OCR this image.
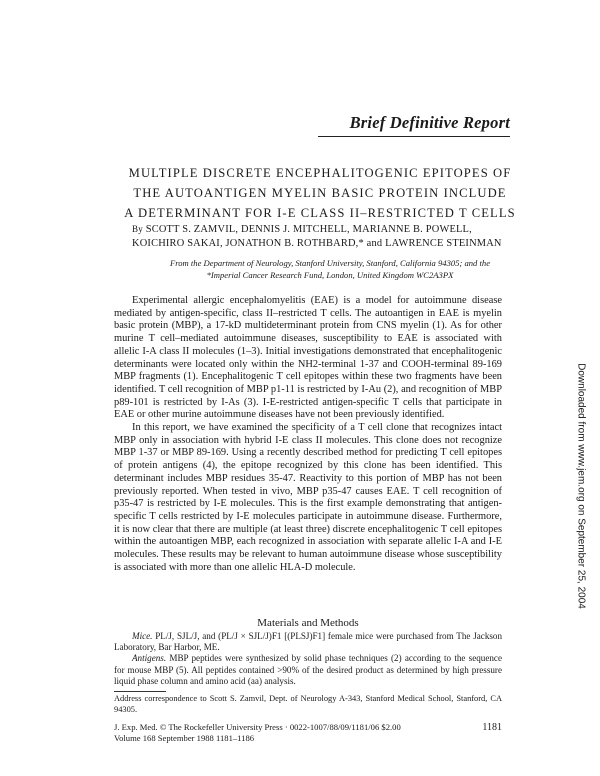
Brief Definitive Report
MULTIPLE DISCRETE ENCEPHALITOGENIC EPITOPES OF
THE AUTOANTIGEN MYELIN BASIC PROTEIN INCLUDE
A DETERMINANT FOR I-E CLASS II–RESTRICTED T CELLS
By SCOTT S. ZAMVIL, DENNIS J. MITCHELL, MARIANNE B. POWELL,
KOICHIRO SAKAI, JONATHON B. ROTHBARD,* and LAWRENCE STEINMAN
From the Department of Neurology, Stanford University, Stanford, California 94305; and the
*Imperial Cancer Research Fund, London, United Kingdom WC2A3PX

Experimental allergic encephalomyelitis (EAE) is a model for autoimmune disease mediated by antigen-specific, class II–restricted T cells. The autoantigen in EAE is myelin basic protein (MBP), a 17-kD multideterminant protein from CNS myelin (1). As for other murine T cell–mediated autoimmune diseases, susceptibility to EAE is associated with allelic I-A class II molecules (1–3). Initial investigations demonstrated that encephalitogenic determinants were located only within the NH2-terminal 1-37 and COOH-terminal 89-169 MBP fragments (1). Encephalitogenic T cell epitopes within these two fragments have been identified. T cell recognition of MBP p1-11 is restricted by I-Au (2), and recognition of MBP p89-101 is restricted by I-As (3). I-E-restricted antigen-specific T cells that participate in EAE or other murine autoimmune diseases have not been previously identified.

In this report, we have examined the specificity of a T cell clone that recognizes intact MBP only in association with hybrid I-E class II molecules. This clone does not recognize MBP 1-37 or MBP 89-169. Using a recently described method for predicting T cell epitopes of protein antigens (4), the epitope recognized by this clone has been identified. This determinant includes MBP residues 35-47. Reactivity to this portion of MBP has not been previously reported. When tested in vivo, MBP p35-47 causes EAE. T cell recognition of p35-47 is restricted by I-E molecules. This is the first example demonstrating that antigen-specific T cells restricted by I-E molecules participate in autoimmune disease. Furthermore, it is now clear that there are multiple (at least three) discrete encephalitogenic T cell epitopes within the autoantigen MBP, each recognized in association with separate allelic I-A and I-E molecules. These results may be relevant to human autoimmune disease whose susceptibility is associated with more than one allelic HLA-D molecule.	Downloaded from www.jem.org on September 25, 2004
Materials and Methods

Mice. PL/J, SJL/J, and (PL/J × SJL/J)F1 [(PLSJ)F1] female mice were purchased from The Jackson Laboratory, Bar Harbor, ME.

Antigens. MBP peptides were synthesized by solid phase techniques (2) according to the sequence for mouse MBP (5). All peptides contained >90% of the desired product as determined by high pressure liquid phase column and amino acid (aa) analysis.

Address correspondence to Scott S. Zamvil, Dept. of Neurology A-343, Stanford Medical School, Stanford, CA 94305.
J. Exp. Med. © The Rockefeller University Press · 0022-1007/88/09/1181/06 $2.00	1181
Volume 168 September 1988 1181–1186
